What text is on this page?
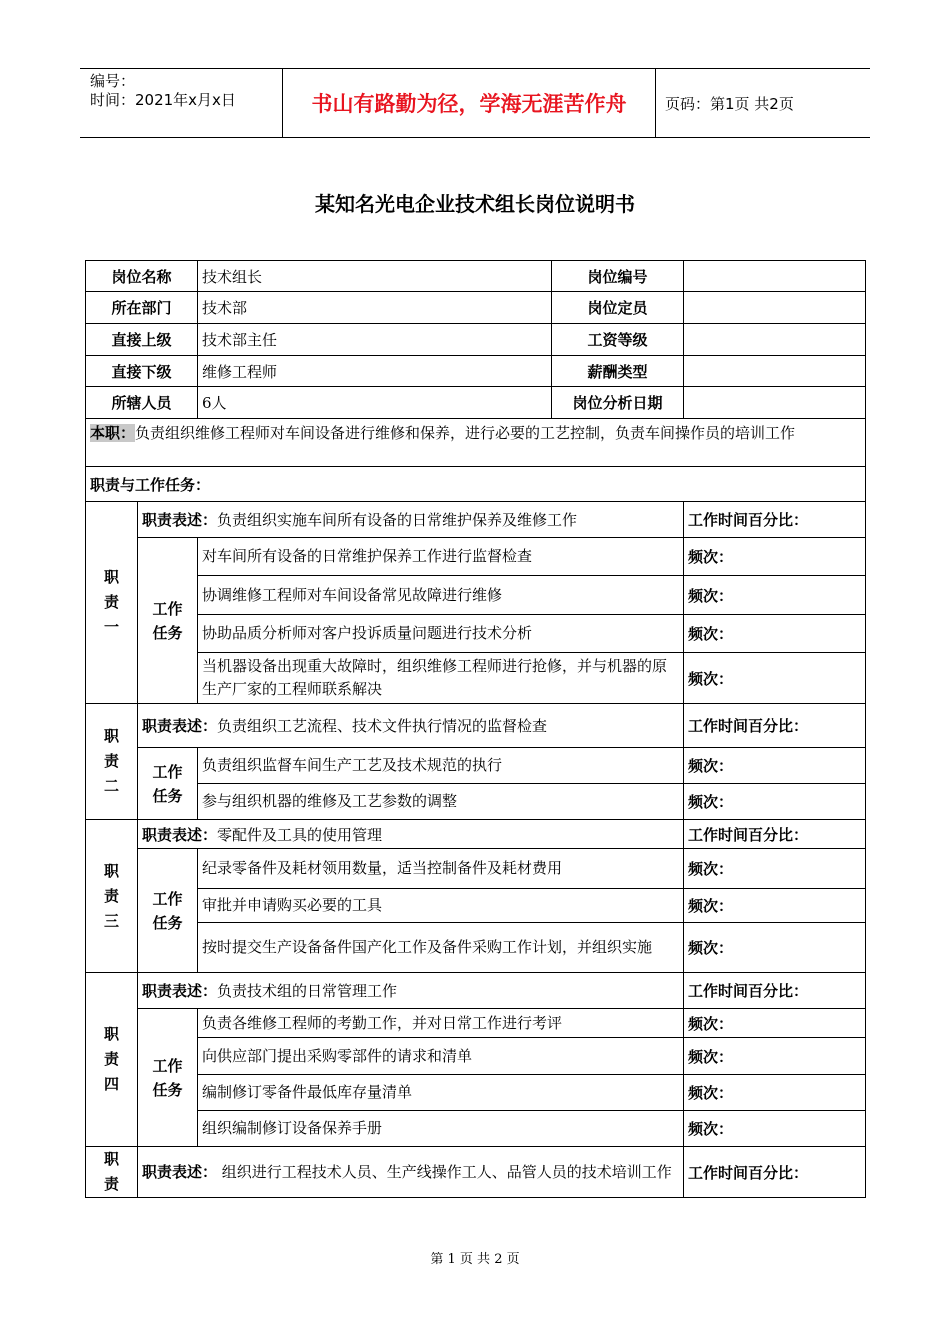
编号：
时间：2021年x月x日	书山有路勤为径，学海无涯苦作舟	页码：第1页 共2页
某知名光电企业技术组长岗位说明书
岗位名称		技术组长	岗位编号	
所在部门		技术部	岗位定员	
直接上级		技术部主任	工资等级	
直接下级		维修工程师	薪酬类型	
所辖人员		6人	岗位分析日期	
本职：负责组织维修工程师对车间设备进行维修和保养，进行必要的工艺控制，负责车间操作员的培训工作				
职责与工作任务：				

职
责
一	职责表述：负责组织实施车间所有设备的日常维护保养及维修工作			工作时间百分比：

	工作
任务	对车间所有设备的日常维护保养工作进行监督检查		频次：
		协调维修工程师对车间设备常见故障进行维修		频次：
		协助品质分析师对客户投诉质量问题进行技术分析		频次：
		当机器设备出现重大故障时，组织维修工程师进行抢修，并与机器的原生产厂家的工程师联系解决		频次：

职
责
二	职责表述：负责组织工艺流程、技术文件执行情况的监督检查			工作时间百分比：

	工作
任务	负责组织监督车间生产工艺及技术规范的执行		频次：
		参与组织机器的维修及工艺参数的调整		频次：

职
责
三	职责表述：零配件及工具的使用管理			工作时间百分比：

	工作
任务	纪录零备件及耗材领用数量，适当控制备件及耗材费用		频次：
		审批并申请购买必要的工具		频次：
		按时提交生产设备备件国产化工作及备件采购工作计划，并组织实施		频次：

职
责
四	职责表述：负责技术组的日常管理工作			工作时间百分比：

	工作
任务	负责各维修工程师的考勤工作，并对日常工作进行考评		频次：
		向供应部门提出采购零部件的请求和清单		频次：
		编制修订零备件最低库存量清单		频次：
		组织编制修订设备保养手册		频次：

职
责	职责表述： 组织进行工程技术人员、生产线操作工人、品管人员的技术培训工作			工作时间百分比：
第 1 页 共 2 页
